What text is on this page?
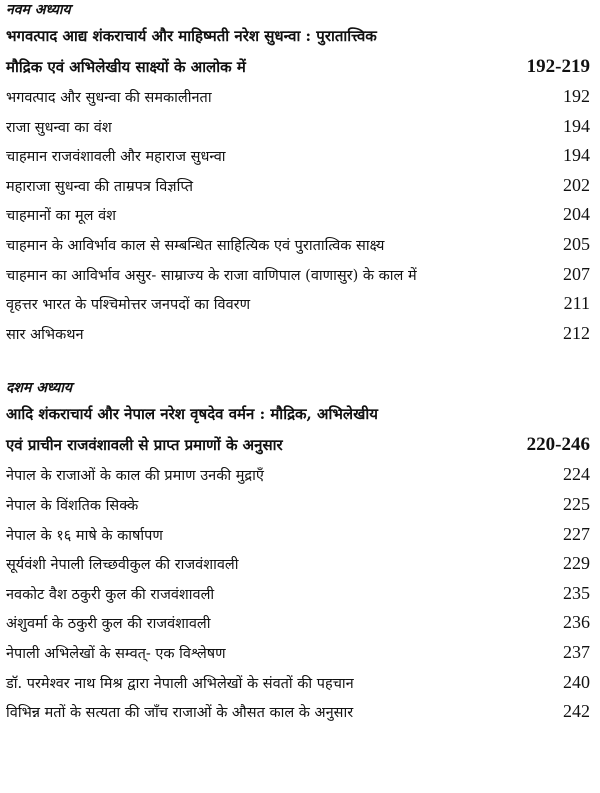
नवम अध्याय
भगवत्पाद आद्य शंकराचार्य और माहिष्मती नरेश सुधन्वा : पुरातात्त्विक
मौद्रिक एवं अभिलेखीय साक्ष्यों के आलोक में	192-219
भगवत्पाद और सुधन्वा की समकालीनता	192
राजा सुधन्वा का वंश	194
चाहमान राजवंशावली और महाराज सुधन्वा	194
महाराजा सुधन्वा की ताम्रपत्र विज्ञप्ति	202
चाहमानों का मूल वंश	204
चाहमान के आविर्भाव काल से सम्बन्धित साहित्यिक एवं पुरातात्विक साक्ष्य	205
चाहमान का आविर्भाव असुर- साम्राज्य के राजा वाणिपाल (वाणासुर) के काल में	207
वृहत्तर भारत के पश्चिमोत्तर जनपदों का विवरण	211
सार अभिकथन	212
दशम अध्याय
आदि शंकराचार्य और नेपाल नरेश वृषदेव वर्मन : मौद्रिक, अभिलेखीय
एवं प्राचीन राजवंशावली से प्राप्त प्रमाणों के अनुसार	220-246
नेपाल के राजाओं के काल की प्रमाण उनकी मुद्राएँ	224
नेपाल के विंशतिक सिक्के	225
नेपाल के १६ माषे के कार्षापण	227
सूर्यवंशी नेपाली लिच्छवीकुल की राजवंशावली	229
नवकोट वैश ठकुरी कुल की राजवंशावली	235
अंशुवर्मा के ठकुरी कुल की राजवंशावली	236
नेपाली अभिलेखों के सम्वत्- एक विश्लेषण	237
डॉ. परमेश्वर नाथ मिश्र द्वारा नेपाली अभिलेखों के संवतों की पहचान	240
विभिन्न मतों के सत्यता की जाँच राजाओं के औसत काल के अनुसार	242
